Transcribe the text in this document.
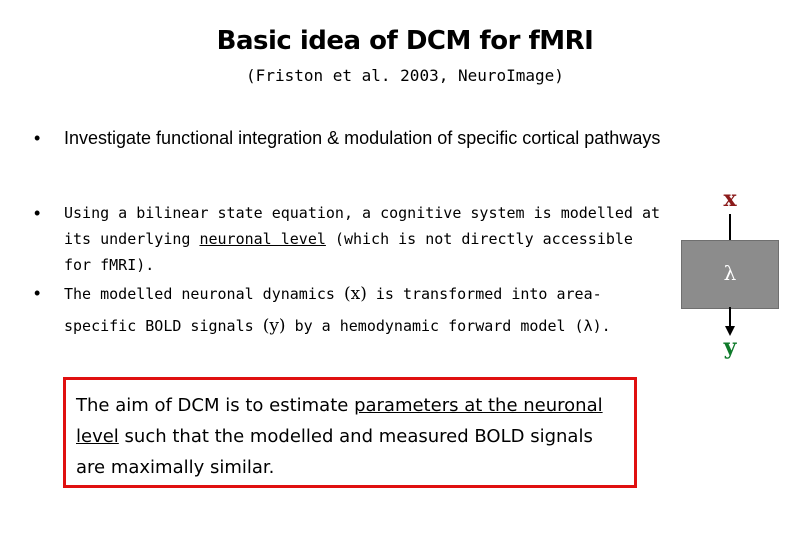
Basic idea of DCM for fMRI
(Friston et al. 2003, NeuroImage)
• Investigate functional integration & modulation of specific cortical pathways
• Using a bilinear state equation, a cognitive system is modelled at its underlying neuronal level (which is not directly accessible for fMRI).
• The modelled neuronal dynamics (x) is transformed into area-specific BOLD signals (y) by a hemodynamic forward model (λ).
The aim of DCM is to estimate parameters at the neuronal level such that the modelled and measured BOLD signals are maximally similar.
x
λ
y
